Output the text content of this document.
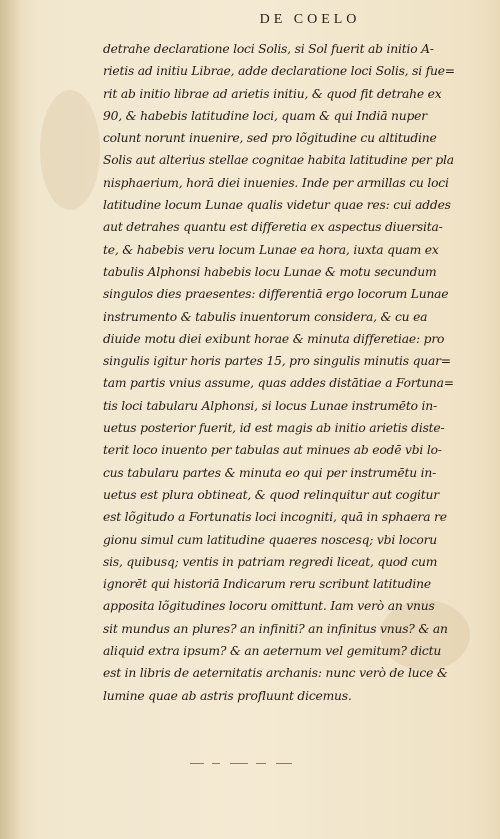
DE COELO
detrahe declaratione loci Solis, si Sol fuerit ab initio A-
rietis ad initiu Librae, adde declaratione loci Solis, si fue=
rit ab initio librae ad arietis initiu, & quod fit detrahe ex
90, & habebis latitudine loci, quam & qui Indiā nuper
colunt norunt inuenire, sed pro lõgitudine cu altitudine
Solis aut alterius stellae cognitae habita latitudine per pla
nisphaerium, horā diei inuenies. Inde per armillas cu loci
latitudine locum Lunae qualis videtur quae res: cui addes
aut detrahes quantu est differetia ex aspectus diuersita-
te, & habebis veru locum Lunae ea hora, iuxta quam ex
tabulis Alphonsi habebis locu Lunae & motu secundum
singulos dies praesentes: differentiā ergo locorum Lunae
instrumento & tabulis inuentorum considera, & cu ea
diuide motu diei exibunt horae & minuta differetiae: pro
singulis igitur horis partes 15, pro singulis minutis quar=
tam partis vnius assume, quas addes distātiae a Fortuna=
tis loci tabularu Alphonsi, si locus Lunae instrumēto in-
uetus posterior fuerit, id est magis ab initio arietis diste-
terit loco inuento per tabulas aut minues ab eodē vbi lo-
cus tabularu partes & minuta eo qui per instrumētu in-
uetus est plura obtineat, & quod relinquitur aut cogitur
est lõgitudo a Fortunatis loci incogniti, quā in sphaera re
gionu simul cum latitudine quaeres noscesq; vbi locoru
sis, quibusq; ventis in patriam regredi liceat, quod cum
ignorēt qui historiā Indicarum reru scribunt latitudine
apposita lõgitudines locoru omittunt. Iam verò an vnus
sit mundus an plures? an infiniti? an infinitus vnus? & an
aliquid extra ipsum? & an aeternum vel gemitum? dictu
est in libris de aeternitatis archanis: nunc verò de luce &
lumine quae ab astris profluunt dicemus.
